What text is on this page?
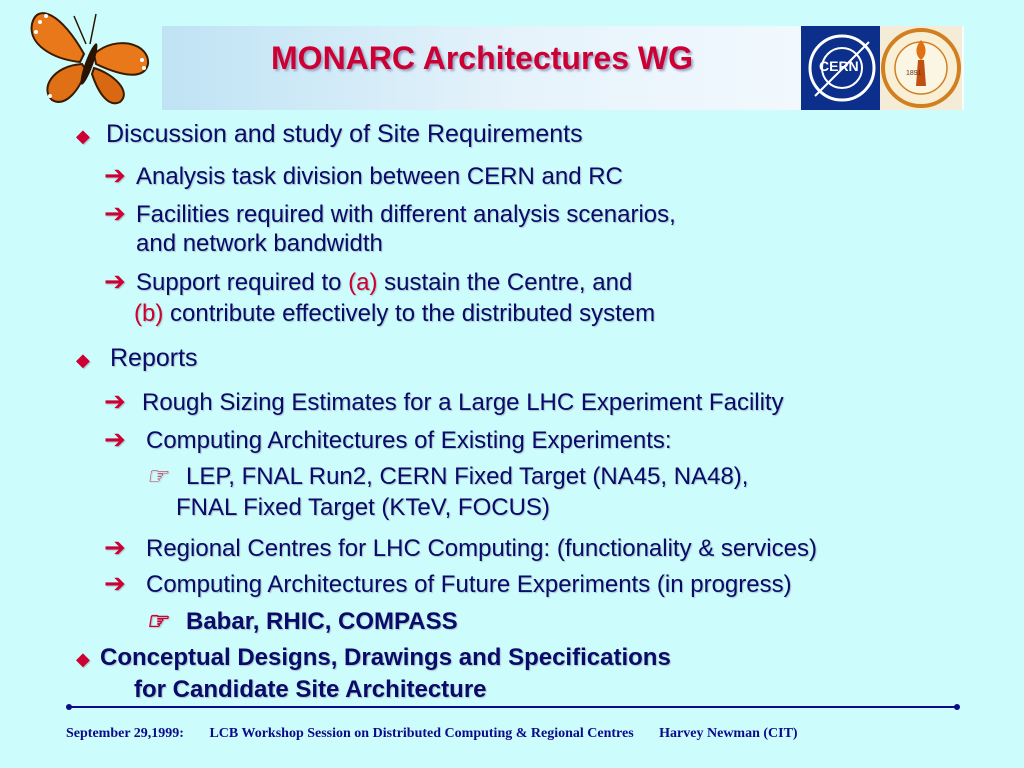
MONARC Architectures WG	CERN	1891
◆ Discussion and study of Site Requirements
➔ Analysis task division between CERN and RC
➔ Facilities required with different analysis scenarios,
and network bandwidth
➔ Support required to (a) sustain the Centre, and
(b) contribute effectively to the distributed system
◆ Reports
➔ Rough Sizing Estimates for a Large LHC Experiment Facility
➔ Computing Architectures of Existing Experiments:
☞ LEP, FNAL Run2, CERN Fixed Target (NA45, NA48),
FNAL Fixed Target (KTeV, FOCUS)
➔ Regional Centres for LHC Computing: (functionality & services)
➔ Computing Architectures of Future Experiments (in progress)
☞ Babar, RHIC, COMPASS
◆ Conceptual Designs, Drawings and Specifications
for Candidate Site Architecture
September 29,1999: LCB Workshop Session on Distributed Computing & Regional Centres Harvey Newman (CIT)
